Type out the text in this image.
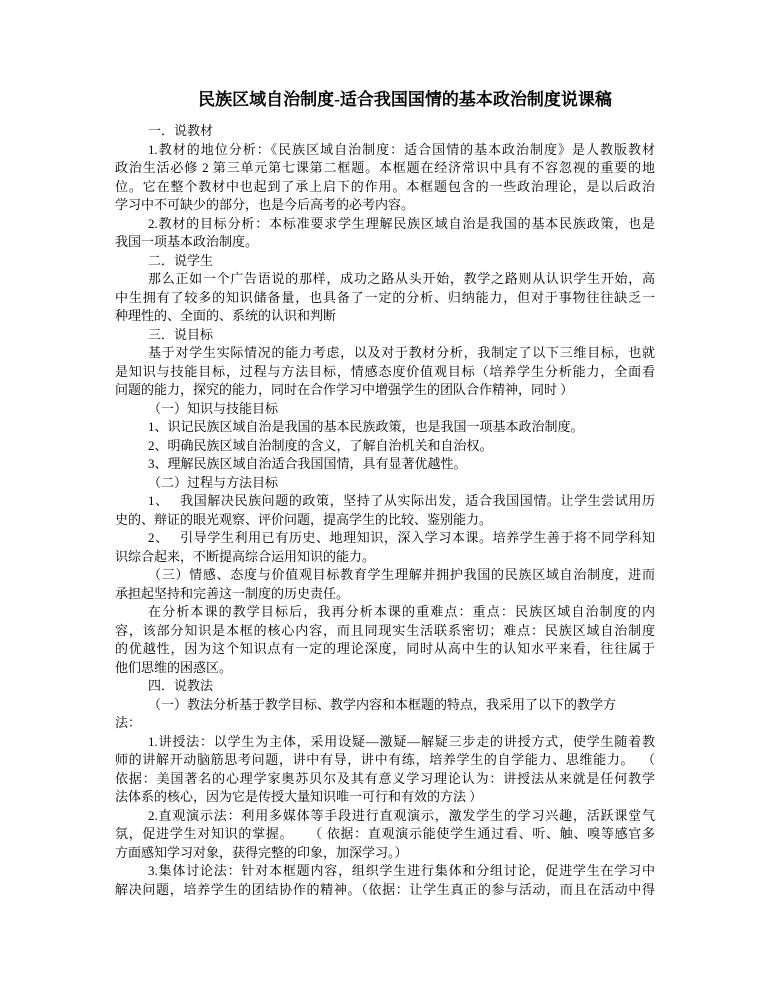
民族区域自治制度-适合我国国情的基本政治制度说课稿
一．说教材
1.教材的地位分析：《民族区域自治制度：适合国情的基本政治制度》是人教版教材
政治生活必修 2 第三单元第七课第二框题。本框题在经济常识中具有不容忽视的重要的地
位。它在整个教材中也起到了承上启下的作用。本框题包含的一些政治理论，是以后政治
学习中不可缺少的部分，也是今后高考的必考内容。
2.教材的目标分析：本标准要求学生理解民族区域自治是我国的基本民族政策，也是
我国一项基本政治制度。
二．说学生
那么正如一个广告语说的那样，成功之路从头开始，教学之路则从认识学生开始，高
中生拥有了较多的知识储备量，也具备了一定的分析、归纳能力，但对于事物往往缺乏一
种理性的、全面的、系统的认识和判断
三．说目标
基于对学生实际情况的能力考虑，以及对于教材分析，我制定了以下三维目标，也就
是知识与技能目标，过程与方法目标，情感态度价值观目标（培养学生分析能力，全面看
问题的能力，探究的能力，同时在合作学习中增强学生的团队合作精神，同时 ）
（一）知识与技能目标
1、识记民族区域自治是我国的基本民族政策，也是我国一项基本政治制度。
2、明确民族区域自治制度的含义，了解自治机关和自治权。
3、理解民族区域自治适合我国国情，具有显著优越性。
（二）过程与方法目标
1、   我国解决民族问题的政策，坚持了从实际出发，适合我国国情。让学生尝试用历
史的、辩证的眼光观察、评价问题，提高学生的比较、鉴别能力。
2、   引导学生利用已有历史、地理知识，深入学习本课。培养学生善于将不同学科知
识综合起来，不断提高综合运用知识的能力。
（三）情感、态度与价值观目标教育学生理解并拥护我国的民族区域自治制度，进而
承担起坚持和完善这一制度的历史责任。
在分析本课的教学目标后，我再分析本课的重难点：重点：民族区域自治制度的内
容，该部分知识是本框的核心内容，而且同现实生活联系密切；难点：民族区域自治制度
的优越性，因为这个知识点有一定的理论深度，同时从高中生的认知水平来看，往往属于
他们思维的困惑区。
四．说教法
（一）教法分析基于教学目标、教学内容和本框题的特点，我采用了以下的教学方
法：
1.讲授法：以学生为主体，采用设疑—激疑—解疑三步走的讲授方式，使学生随着教
师的讲解开动脑筋思考问题，讲中有导，讲中有练，培养学生的自学能力、思维能力。  （
依据：美国著名的心理学家奥苏贝尔及其有意义学习理论认为：讲授法从来就是任何教学
法体系的核心，因为它是传授大量知识唯一可行和有效的方法 ）
2.直观演示法：利用多媒体等手段进行直观演示，激发学生的学习兴趣，活跃课堂气
氛，促进学生对知识的掌握。    （ 依据：直观演示能使学生通过看、听、触、嗅等感官多
方面感知学习对象，获得完整的印象，加深学习。）
3.集体讨论法：针对本框题内容，组织学生进行集体和分组讨论，促进学生在学习中
解决问题，培养学生的团结协作的精神。（依据：让学生真正的参与活动，而且在活动中得
